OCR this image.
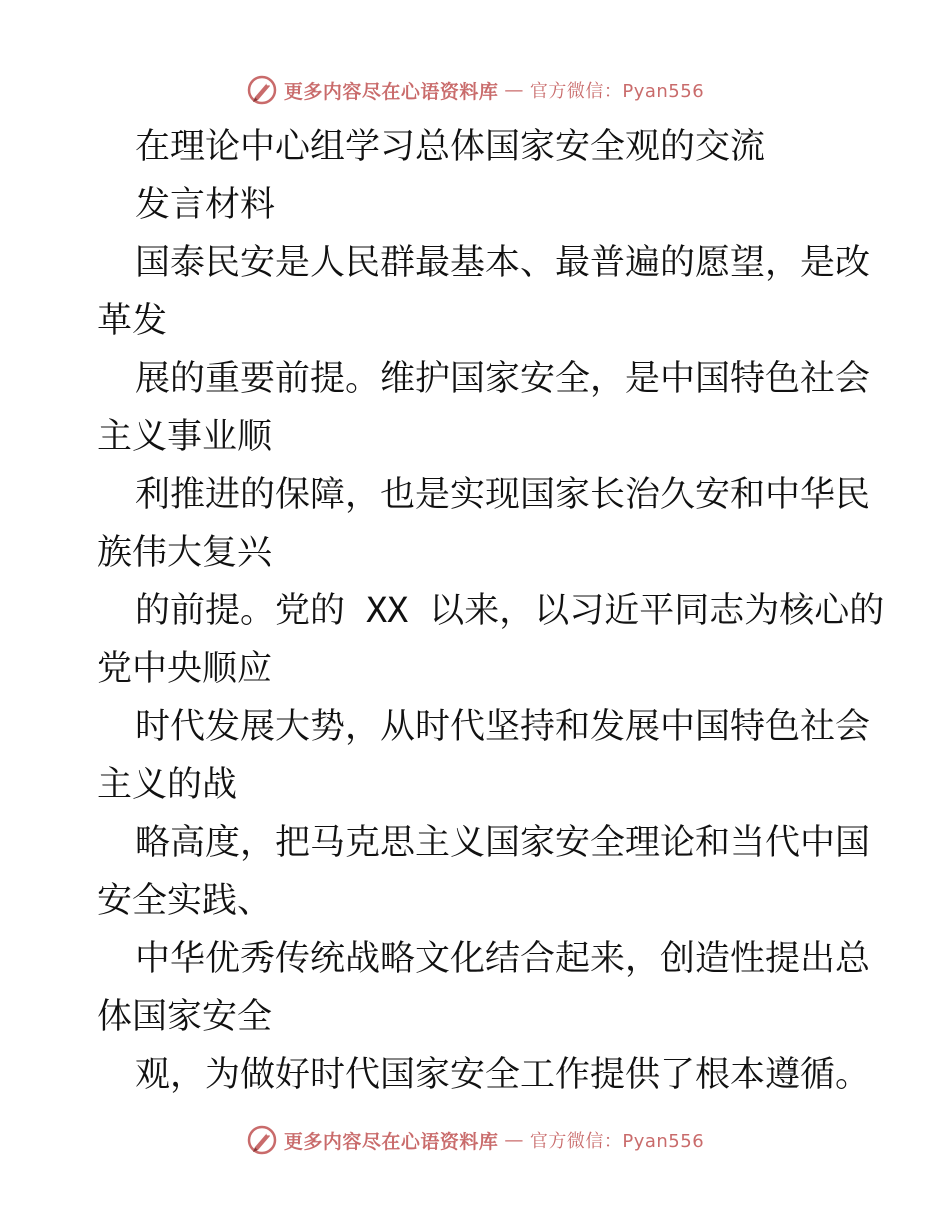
更多内容尽在心语资料库 — 官方微信：Pyan556
在理论中心组学习总体国家安全观的交流
发言材料
国泰民安是人民群最基本、最普遍的愿望，是改
革发
展的重要前提。维护国家安全，是中国特色社会
主义事业顺
利推进的保障，也是实现国家长治久安和中华民
族伟大复兴
的前提。党的 XX 以来，以习近平同志为核心的
党中央顺应
时代发展大势，从时代坚持和发展中国特色社会
主义的战
略高度，把马克思主义国家安全理论和当代中国
安全实践、
中华优秀传统战略文化结合起来，创造性提出总
体国家安全
观，为做好时代国家安全工作提供了根本遵循。
更多内容尽在心语资料库 — 官方微信：Pyan556
